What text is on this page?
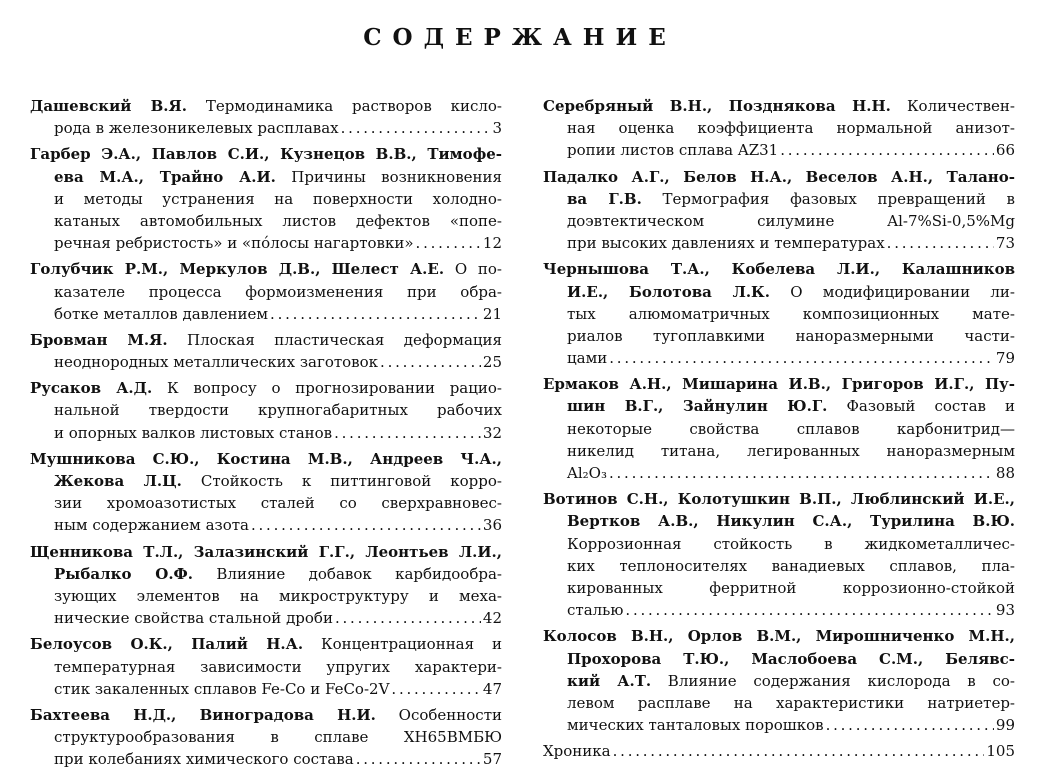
СОДЕРЖАНИЕ
Дашевский В.Я. Термодинамика растворов кисло-
рода в железоникелевых расплавах . . .	3
Гарбер Э.А., Павлов С.И., Кузнецов В.В., Тимофе-
ева М.А., Трайно А.И. Причины возникновения
и методы устранения на поверхности холодно-
катаных автомобильных листов дефектов «попе-
речная ребристость» и «пóлосы нагартовки» . . .	12
Голубчик Р.М., Меркулов Д.В., Шелест А.Е. О по-
казателе процесса формоизменения при обра-
ботке металлов давлением . . .	21
Бровман М.Я. Плоская пластическая деформация
неоднородных металлических заготовок . . .	25
Русаков А.Д. К вопросу о прогнозировании рацио-
нальной твердости крупногабаритных рабочих
и опорных валков листовых станов . . .	32
Мушникова С.Ю., Костина М.В., Андреев Ч.А.,
Жекова Л.Ц. Стойкость к питтинговой корро-
зии хромоазотистых сталей со сверхравновес-
ным содержанием азота . . .	36
Щенникова Т.Л., Залазинский Г.Г., Леонтьев Л.И.,
Рыбалко О.Ф. Влияние добавок карбидообра-
зующих элементов на микроструктуру и меха-
нические свойства стальной дроби . . .	42
Белоусов О.К., Палий Н.А. Концентрационная и
температурная зависимости упругих характери-
стик закаленных сплавов Fe-Co и FeCo-2V . . .	47
Бахтеева Н.Д., Виноградова Н.И. Особенности
структурообразования в сплаве ХН65ВМБЮ
при колебаниях химического состава . . .	57
Серебряный В.Н., Позднякова Н.Н. Количествен-
ная оценка коэффициента нормальной анизот-
ропии листов сплава AZ31 . . .	66
Падалко А.Г., Белов Н.А., Веселов А.Н., Талано-
ва Г.В. Термография фазовых превращений в
доэвтектическом силумине Al-7%Si-0,5%Mg
при высоких давлениях и температурах . . .	73
Чернышова Т.А., Кобелева Л.И., Калашников
И.Е., Болотова Л.К. О модифицировании ли-
тых алюмоматричных композиционных мате-
риалов тугоплавкими наноразмерными части-
цами . . .	79
Ермаков А.Н., Мишарина И.В., Григоров И.Г., Пу-
шин В.Г., Зайнулин Ю.Г. Фазовый состав и
некоторые свойства сплавов карбонитрид—
никелид титана, легированных наноразмерным
Al₂O₃ . . .	88
Вотинов С.Н., Колотушкин В.П., Люблинский И.Е.,
Вертков А.В., Никулин С.А., Турилина В.Ю.
Коррозионная стойкость в жидкометалличес-
ких теплоносителях ванадиевых сплавов, пла-
кированных ферритной коррозионно-стойкой
сталью . . .	93
Колосов В.Н., Орлов В.М., Мирошниченко М.Н.,
Прохорова Т.Ю., Маслобоева С.М., Белявс-
кий А.Т. Влияние содержания кислорода в со-
левом расплаве на характеристики натриетер-
мических танталовых порошков . . .	99
Хроника . . .	105
